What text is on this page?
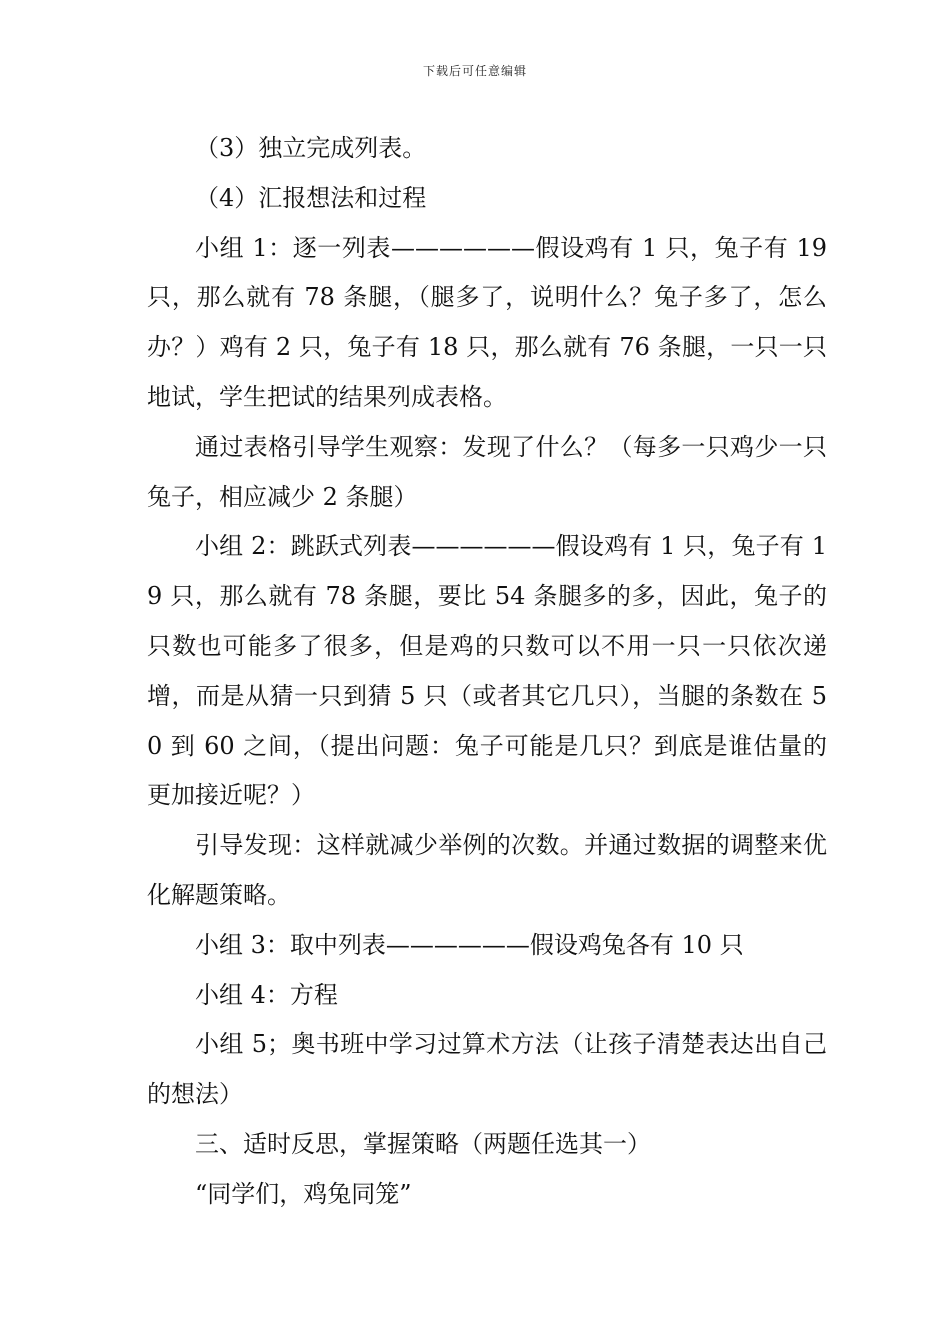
下载后可任意编辑

（3）独立完成列表。

（4）汇报想法和过程

小组 1：逐一列表——————假设鸡有 1 只，兔子有 19 只，那么就有 78 条腿，（腿多了，说明什么？兔子多了，怎么办？）鸡有 2 只，兔子有 18 只，那么就有 76 条腿，一只一只地试，学生把试的结果列成表格。

通过表格引导学生观察：发现了什么？（每多一只鸡少一只兔子，相应减少 2 条腿）

小组 2：跳跃式列表——————假设鸡有 1 只，兔子有 19 只，那么就有 78 条腿，要比 54 条腿多的多，因此，兔子的只数也可能多了很多，但是鸡的只数可以不用一只一只依次递增，而是从猜一只到猜 5 只（或者其它几只），当腿的条数在 50 到 60 之间，（提出问题：兔子可能是几只？到底是谁估量的更加接近呢？）

引导发现：这样就减少举例的次数。并通过数据的调整来优化解题策略。

小组 3：取中列表——————假设鸡兔各有 10 只

小组 4：方程

小组 5；奥书班中学习过算术方法（让孩子清楚表达出自己的想法）

三、适时反思，掌握策略（两题任选其一）

“同学们，鸡兔同笼”
